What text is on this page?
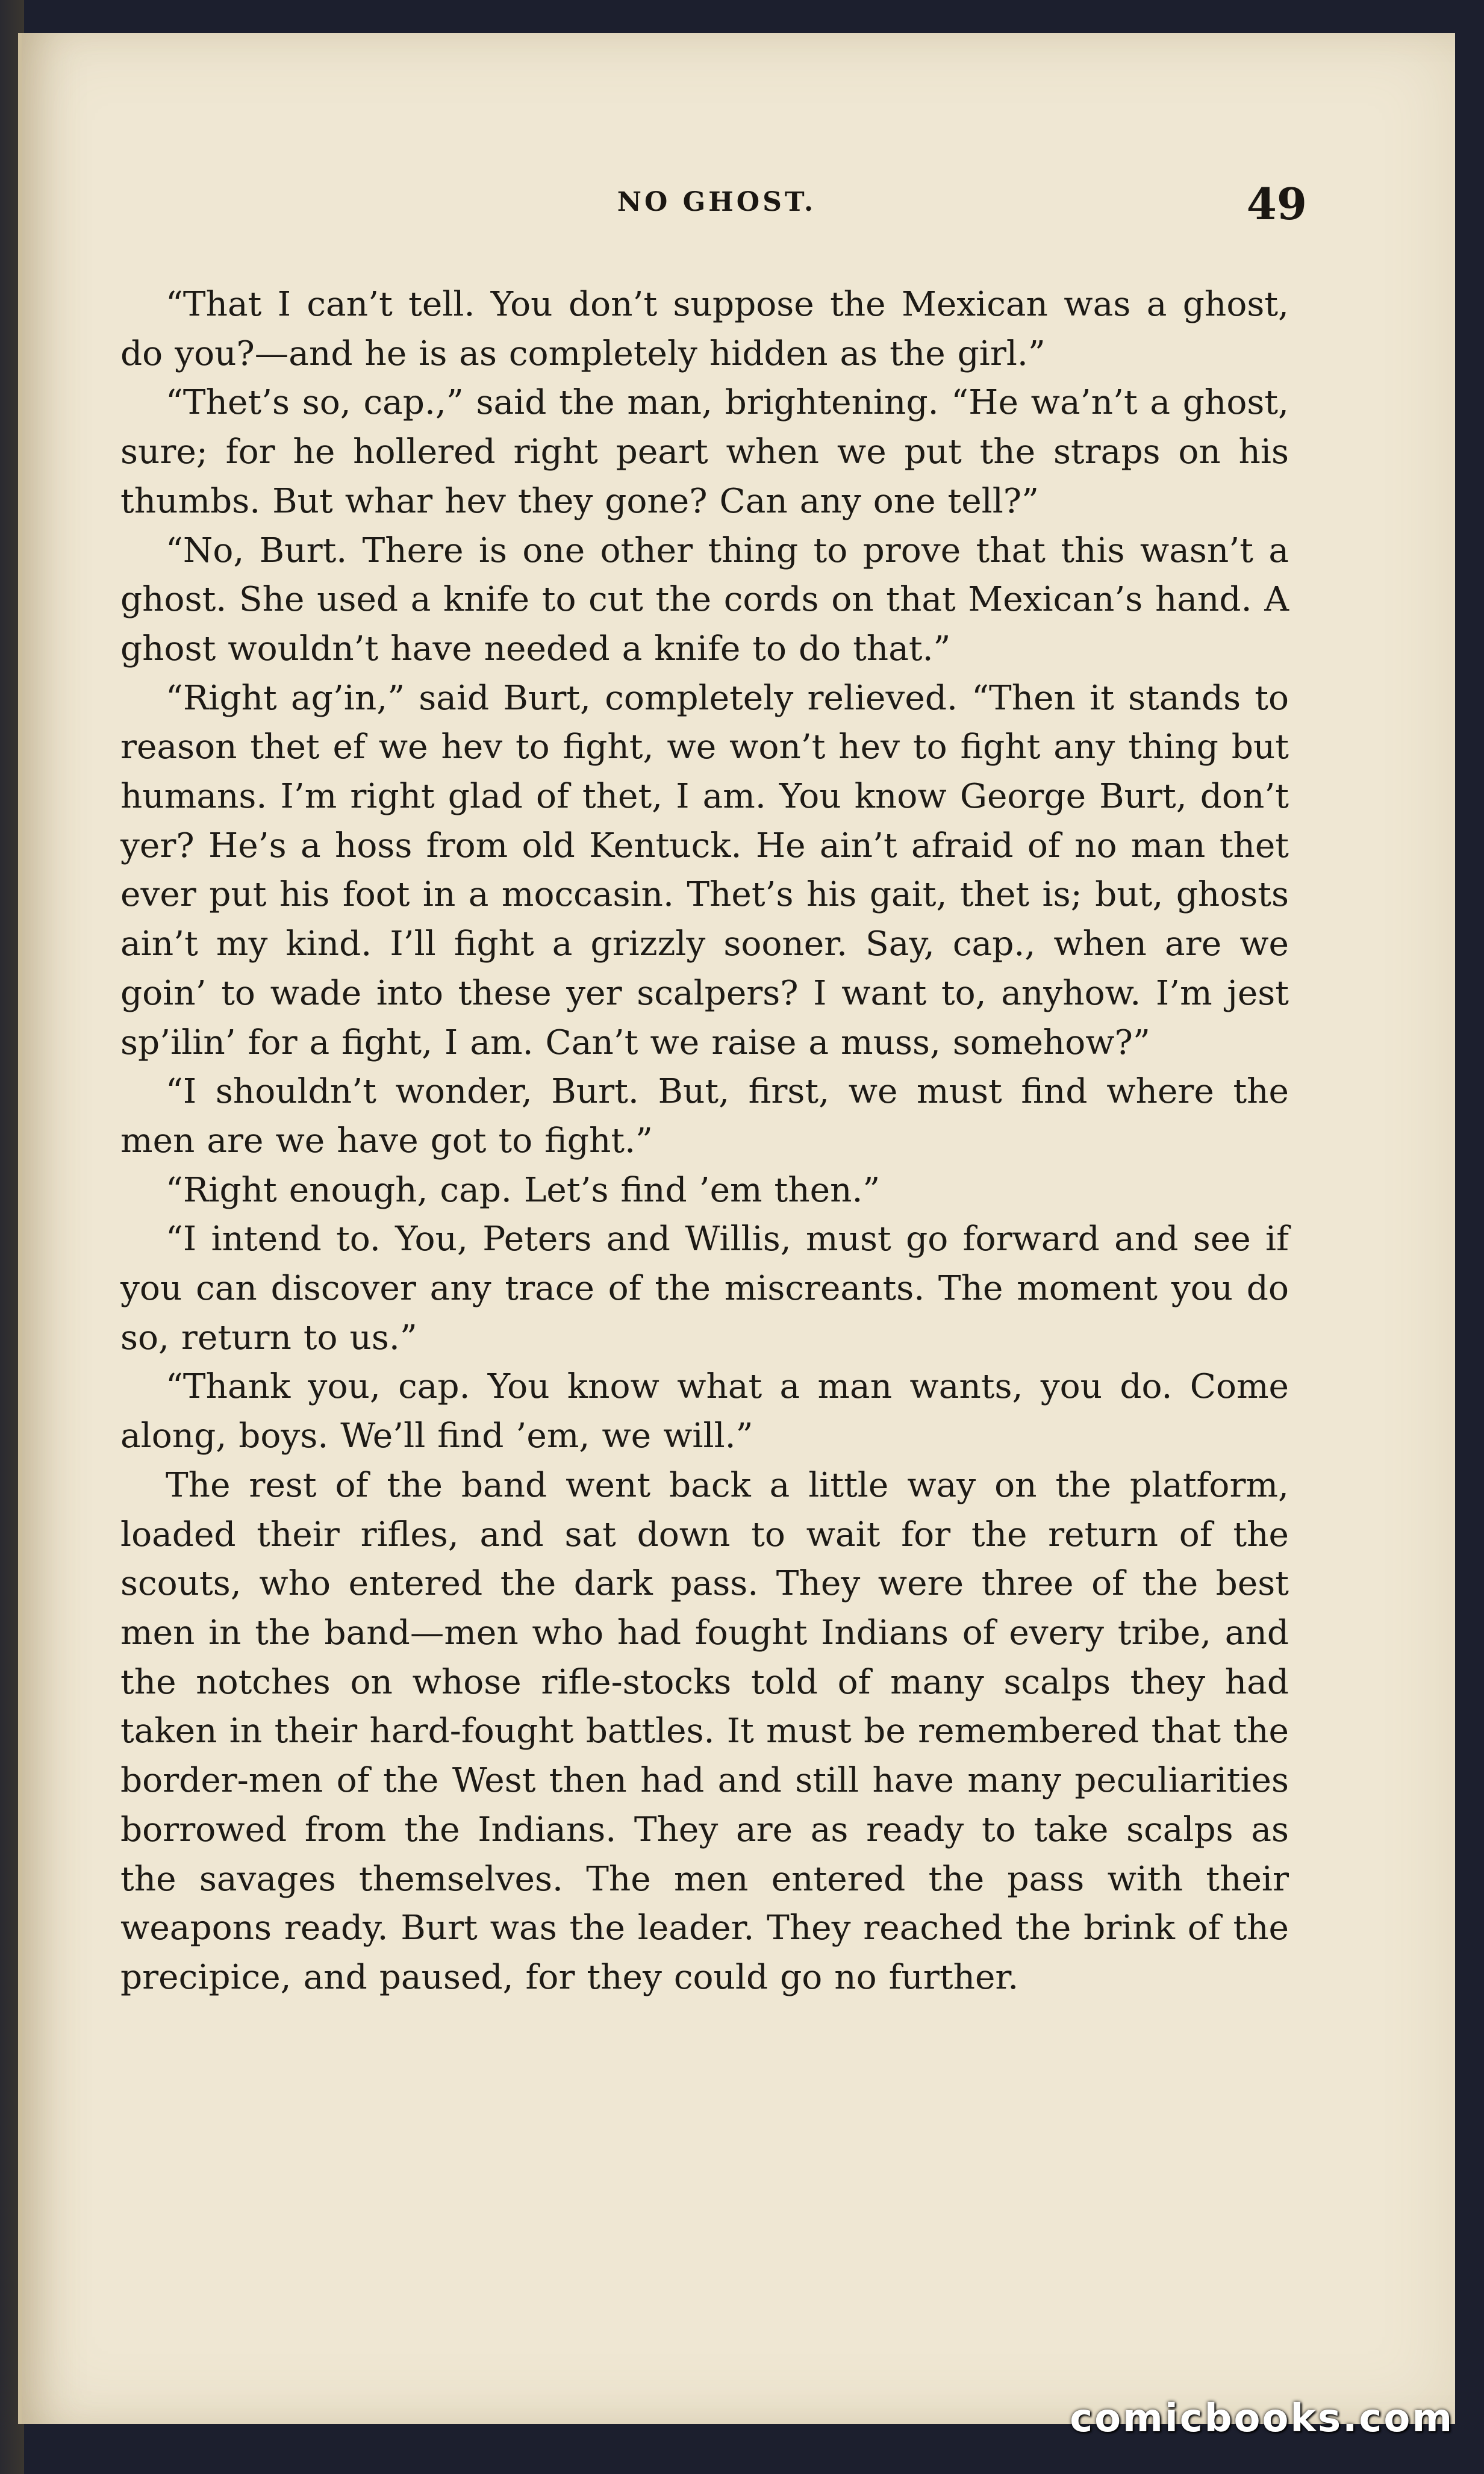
NO GHOST.	49

“That I can’t tell. You don’t suppose the Mexican was a ghost, do you?—and he is as completely hidden as the girl.”

“Thet’s so, cap.,” said the man, brightening. “He wa’n’t a ghost, sure; for he hollered right peart when we put the straps on his thumbs. But whar hev they gone? Can any one tell?”

“No, Burt. There is one other thing to prove that this wasn’t a ghost. She used a knife to cut the cords on that Mexican’s hand. A ghost wouldn’t have needed a knife to do that.”

“Right ag’in,” said Burt, completely relieved. “Then it stands to reason thet ef we hev to fight, we won’t hev to fight any thing but humans. I’m right glad of thet, I am. You know George Burt, don’t yer? He’s a hoss from old Kentuck. He ain’t afraid of no man thet ever put his foot in a moccasin. Thet’s his gait, thet is; but, ghosts ain’t my kind. I’ll fight a grizzly sooner. Say, cap., when are we goin’ to wade into these yer scalpers? I want to, anyhow. I’m jest sp’ilin’ for a fight, I am. Can’t we raise a muss, somehow?”

“I shouldn’t wonder, Burt. But, first, we must find where the men are we have got to fight.”

“Right enough, cap. Let’s find ’em then.”

“I intend to. You, Peters and Willis, must go forward and see if you can discover any trace of the miscreants. The moment you do so, return to us.”

“Thank you, cap. You know what a man wants, you do. Come along, boys. We’ll find ’em, we will.”

The rest of the band went back a little way on the platform, loaded their rifles, and sat down to wait for the return of the scouts, who entered the dark pass. They were three of the best men in the band—men who had fought Indians of every tribe, and the notches on whose rifle-stocks told of many scalps they had taken in their hard-fought battles. It must be remembered that the border-men of the West then had and still have many peculiarities borrowed from the Indians. They are as ready to take scalps as the savages themselves. The men entered the pass with their weapons ready. Burt was the leader. They reached the brink of the precipice, and paused, for they could go no further.

comicbooks.com
